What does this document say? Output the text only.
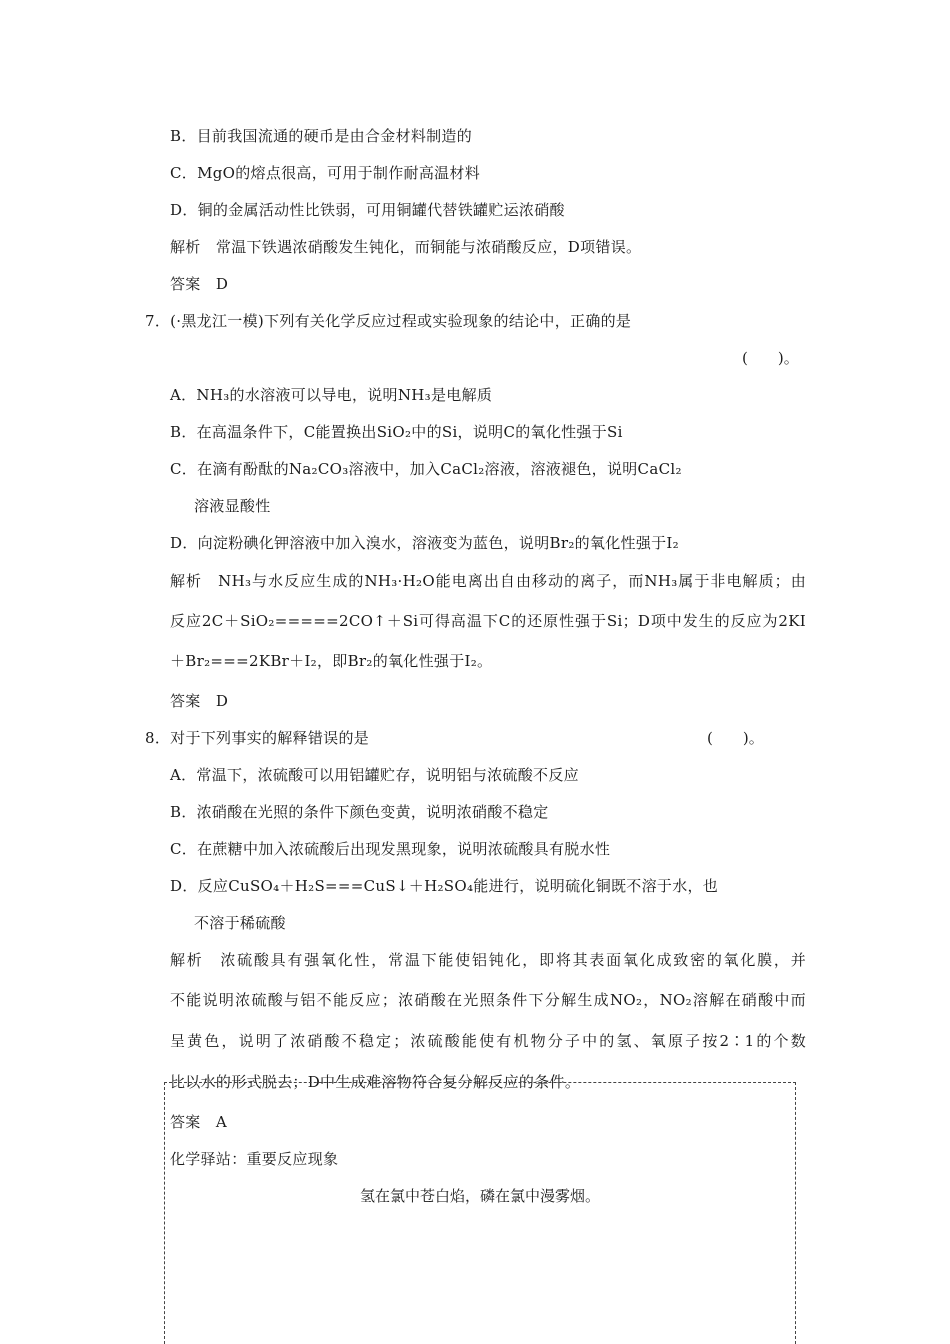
B．目前我国流通的硬币是由合金材料制造的
C．MgO的熔点很高，可用于制作耐高温材料
D．铜的金属活动性比铁弱，可用铜罐代替铁罐贮运浓硝酸
解析　常温下铁遇浓硝酸发生钝化，而铜能与浓硝酸反应，D项错误。
答案　D
7．(·黑龙江一模)下列有关化学反应过程或实验现象的结论中，正确的是
(　　)。
A．NH₃的水溶液可以导电，说明NH₃是电解质
B．在高温条件下，C能置换出SiO₂中的Si，说明C的氧化性强于Si
C．在滴有酚酞的Na₂CO₃溶液中，加入CaCl₂溶液，溶液褪色，说明CaCl₂
溶液显酸性
D．向淀粉碘化钾溶液中加入溴水，溶液变为蓝色，说明Br₂的氧化性强于I₂
解析　NH₃与水反应生成的NH₃·H₂O能电离出自由移动的离子，而NH₃属于非电解质；由
反应2C＋SiO₂=====2CO↑＋Si可得高温下C的还原性强于Si；D项中发生的反应为2KI
＋Br₂===2KBr＋I₂，即Br₂的氧化性强于I₂。
答案　D
8．对于下列事实的解释错误的是	(　　)。
A．常温下，浓硫酸可以用铝罐贮存，说明铝与浓硫酸不反应
B．浓硝酸在光照的条件下颜色变黄，说明浓硝酸不稳定
C．在蔗糖中加入浓硫酸后出现发黑现象，说明浓硫酸具有脱水性
D．反应CuSO₄＋H₂S===CuS↓＋H₂SO₄能进行，说明硫化铜既不溶于水，也
不溶于稀硫酸
解析　浓硫酸具有强氧化性，常温下能使铝钝化，即将其表面氧化成致密的氧化膜，并
不能说明浓硫酸与铝不能反应；浓硝酸在光照条件下分解生成NO₂，NO₂溶解在硝酸中而
呈黄色，说明了浓硝酸不稳定；浓硫酸能使有机物分子中的氢、氧原子按2∶1的个数
比以水的形式脱去；D中生成难溶物符合复分解反应的条件。
答案　A
化学驿站：重要反应现象
氢在氯中苍白焰，磷在氯中漫雾烟。
